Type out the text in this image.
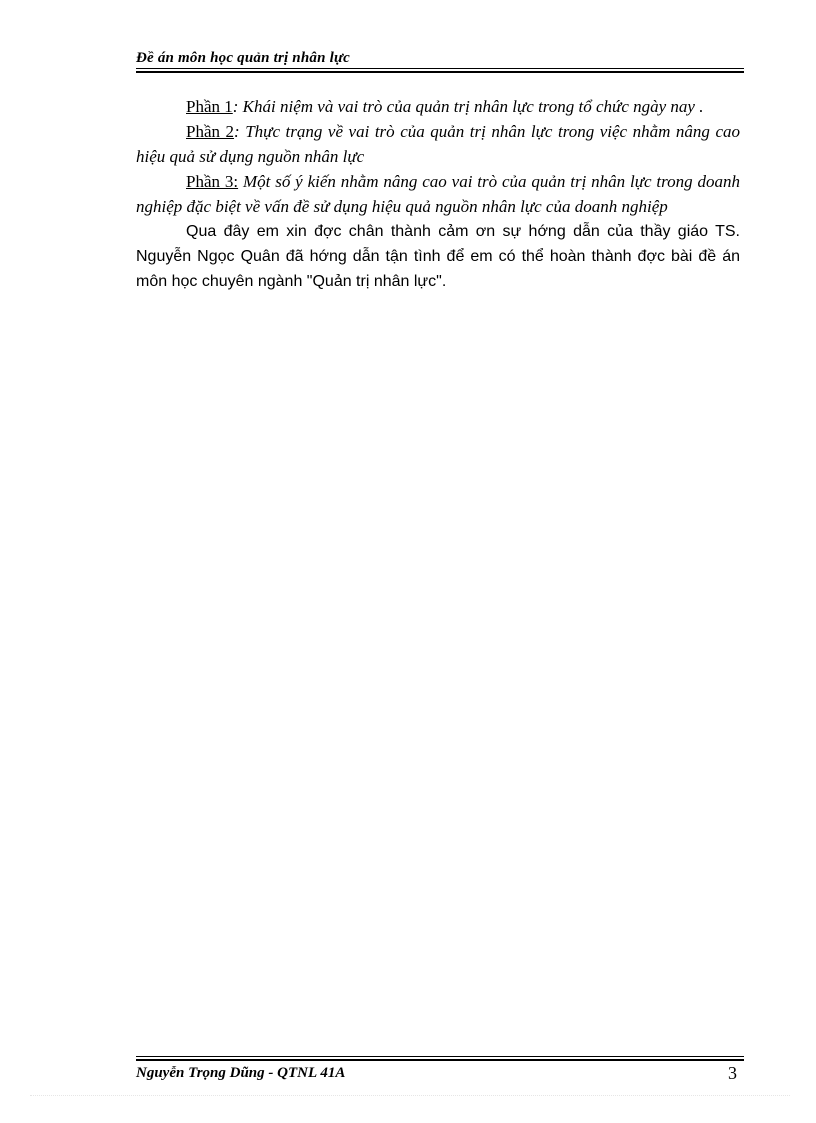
Đề án môn học quản trị nhân lực

Phần 1: Khái niệm và vai trò của quản trị nhân lực trong tổ chức ngày nay .

Phần 2: Thực trạng về vai trò của quản trị nhân lực trong việc nhằm nâng cao hiệu quả sử dụng nguồn nhân lực

Phần 3: Một số ý kiến nhằm nâng cao vai trò của quản trị nhân lực trong doanh nghiệp đặc biệt về vấn đề sử dụng hiệu quả nguồn nhân lực của doanh nghiệp

Qua đây em xin đợc chân thành cảm ơn sự hớng dẫn của thầy giáo TS. Nguyễn Ngọc Quân đã hớng dẫn tận tình để em có thể hoàn thành đợc bài đề án môn học chuyên ngành "Quản trị nhân lực".

Nguyễn Trọng Dũng - QTNL 41A	3
